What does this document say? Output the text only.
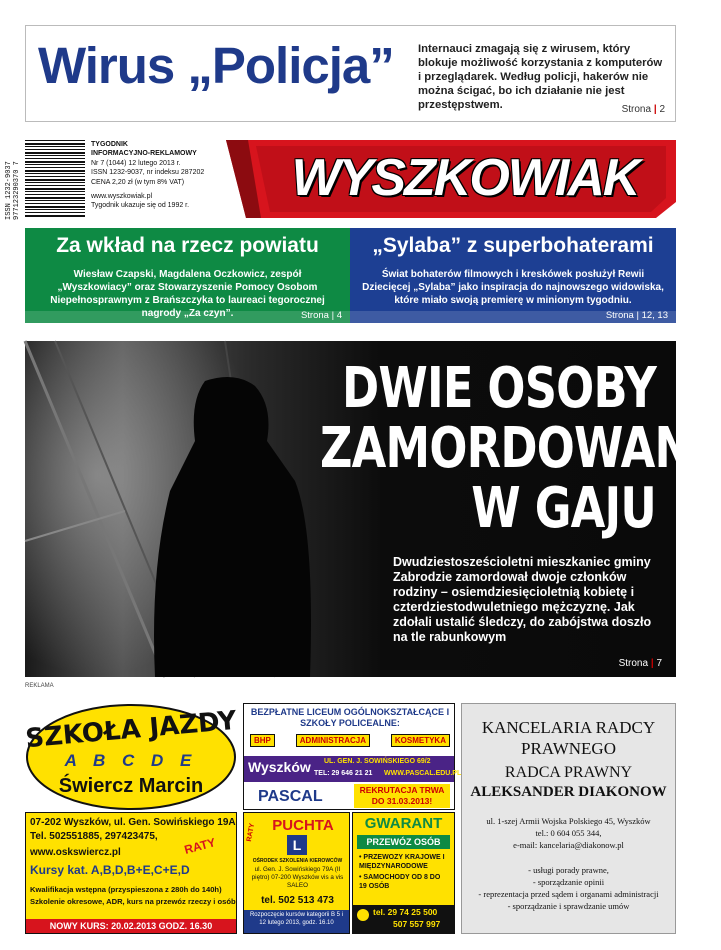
Wirus „Policja” Internauci zmagają się z wirusem, który blokuje możliwość korzystania z komputerów i przeglądarek. Według policji, hakerów nie można ścigać, bo ich działanie nie jest przestępstwem.	Strona | 2
ISSN 1232-9037 977123290370 7
TYGODNIK
INFORMACYJNO-REKLAMOWY
Nr 7 (1044) 12 lutego 2013 r.
ISSN 1232-9037, nr indeksu 287202
CENA 2,20 zł (w tym 8% VAT)
www.wyszkowiak.pl
Tygodnik ukazuje się od 1992 r.	WYSZKOWIAK
Za wkład na rzecz powiatu
Wiesław Czapski, Magdalena Oczkowicz, zespół „Wyszkowiacy” oraz Stowarzyszenie Pomocy Osobom Niepełnosprawnym z Brańszczyka to laureaci tegorocznej nagrody „Za czyn”.	Strona | 4
„Sylaba” z superbohaterami
Świat bohaterów filmowych i kreskówek posłużył Rewii Dziecięcej „Sylaba” jako inspiracja do najnowszego widowiska, które miało swoją premierę w minionym tygodniu.
Strona | 12, 13
DWIE OSOBY
ZAMORDOWANE
W GAJU
Dwudziestosześcioletni mieszkaniec gminy Zabrodzie zamordował dwoje członków rodziny – osiemdziesięcioletnią kobietę i czterdziestodwuletniego mężczyznę. Jak zdołali ustalić śledczy, do zabójstwa doszło na tle rabunkowym
Strona | 7
REKLAMA
SZKOŁA JAZDY
A B C D E
Świercz Marcin
07-202 Wyszków, ul. Gen. Sowińskiego 19A
Tel. 502551885, 297423475,
www.oskswiercz.pl
Kursy kat. A,B,D,B+E,C+E,D
RATY
Kwalifikacja wstępna (przyspieszona z 280h do 140h)
Szkolenie okresowe, ADR, kurs na przewóz rzeczy i osób
NOWY KURS: 20.02.2013 GODZ. 16.30
BEZPŁATNE LICEUM OGÓLNOKSZTAŁCĄCE I SZKOŁY POLICEALNE:
BHP	ADMINISTRACJA	KOSMETYKA
Wyszków UL. GEN. J. SOWIŃSKIEGO 69/2
TEL: 29 646 21 21 WWW.PASCAL.EDU.PL
PASCAL	REKRUTACJA TRWA DO 31.03.2013!
RATY	PUCHTA
L
OŚRODEK SZKOLENIA KIEROWCÓW
ul. Gen. J. Sowińskiego 79A (II piętro) 07-200 Wyszków vis a vis SALEO
tel. 502 513 473
Rozpoczęcie kursów kategorii B 5 i 12 lutego 2013, godz. 16.10
GWARANT
PRZEWÓZ OSÓB
• PRZEWOZY KRAJOWE I MIĘDZYNARODOWE
• SAMOCHODY OD 8 DO 19 OSÓB
tel. 29 74 25 500
507 557 997
KANCELARIA RADCY
PRAWNEGO
RADCA PRAWNY
ALEKSANDER DIAKONOW
ul. 1-szej Armii Wojska Polskiego 45, Wyszków
tel.: 0 604 055 344,
e-mail: kancelaria@diakonow.pl
- usługi porady prawne,
- sporządzanie opinii
- reprezentacja przed sądem i organami administracji
- sporządzanie i sprawdzanie umów
